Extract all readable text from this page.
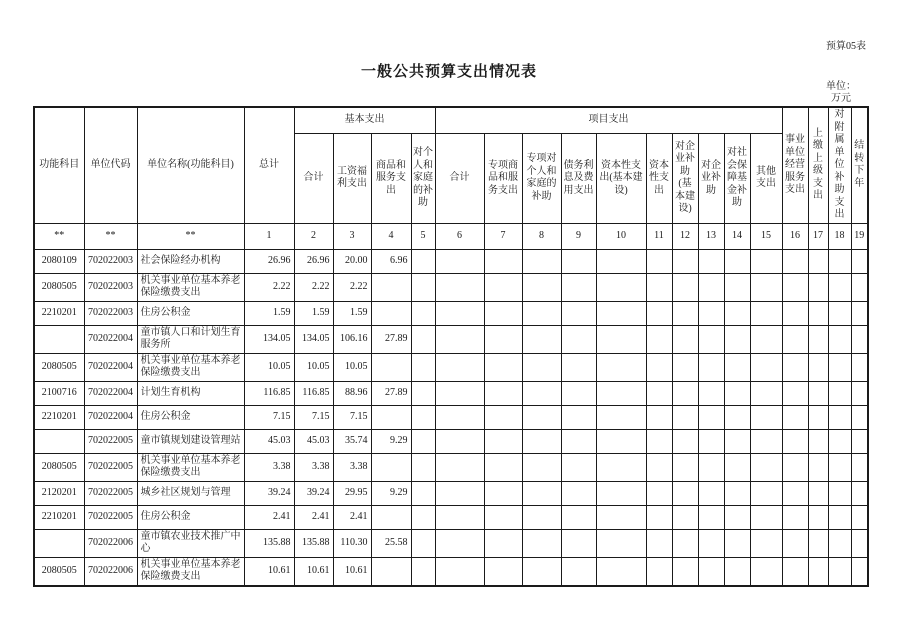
预算05表
一般公共预算支出情况表
单位：
万元
功能科目	单位代码	单位名称(功能科目)	总计	基本支出				项目支出										事业单位经营服务支出	上缴上级支出	对附属单位补助支出	结转下年
				合计	工资福利支出	商品和服务支出	对个人和家庭的补助	合计	专项商品和服务支出	专项对个人和家庭的补助	债务利息及费用支出	资本性支出(基本建设)	资本性支出	对企业补助(基本建设)	对企业补助	对社会保障基金补助	其他支出				
**	**	**	1	2	3	4	5	6	7	8	9	10	11	12	13	14	15	16	17	18	19
2080109	702022003	社会保险经办机构	26.96	26.96	20.00	6.96															
2080505	702022003	机关事业单位基本养老保险缴费支出	2.22	2.22	2.22																
2210201	702022003	住房公积金	1.59	1.59	1.59																
	702022004	童市镇人口和计划生育服务所	134.05	134.05	106.16	27.89															
2080505	702022004	机关事业单位基本养老保险缴费支出	10.05	10.05	10.05																
2100716	702022004	计划生育机构	116.85	116.85	88.96	27.89															
2210201	702022004	住房公积金	7.15	7.15	7.15																
	702022005	童市镇规划建设管理站	45.03	45.03	35.74	9.29															
2080505	702022005	机关事业单位基本养老保险缴费支出	3.38	3.38	3.38																
2120201	702022005	城乡社区规划与管理	39.24	39.24	29.95	9.29															
2210201	702022005	住房公积金	2.41	2.41	2.41																
	702022006	童市镇农业技术推广中心	135.88	135.88	110.30	25.58															
2080505	702022006	机关事业单位基本养老保险缴费支出	10.61	10.61	10.61																
